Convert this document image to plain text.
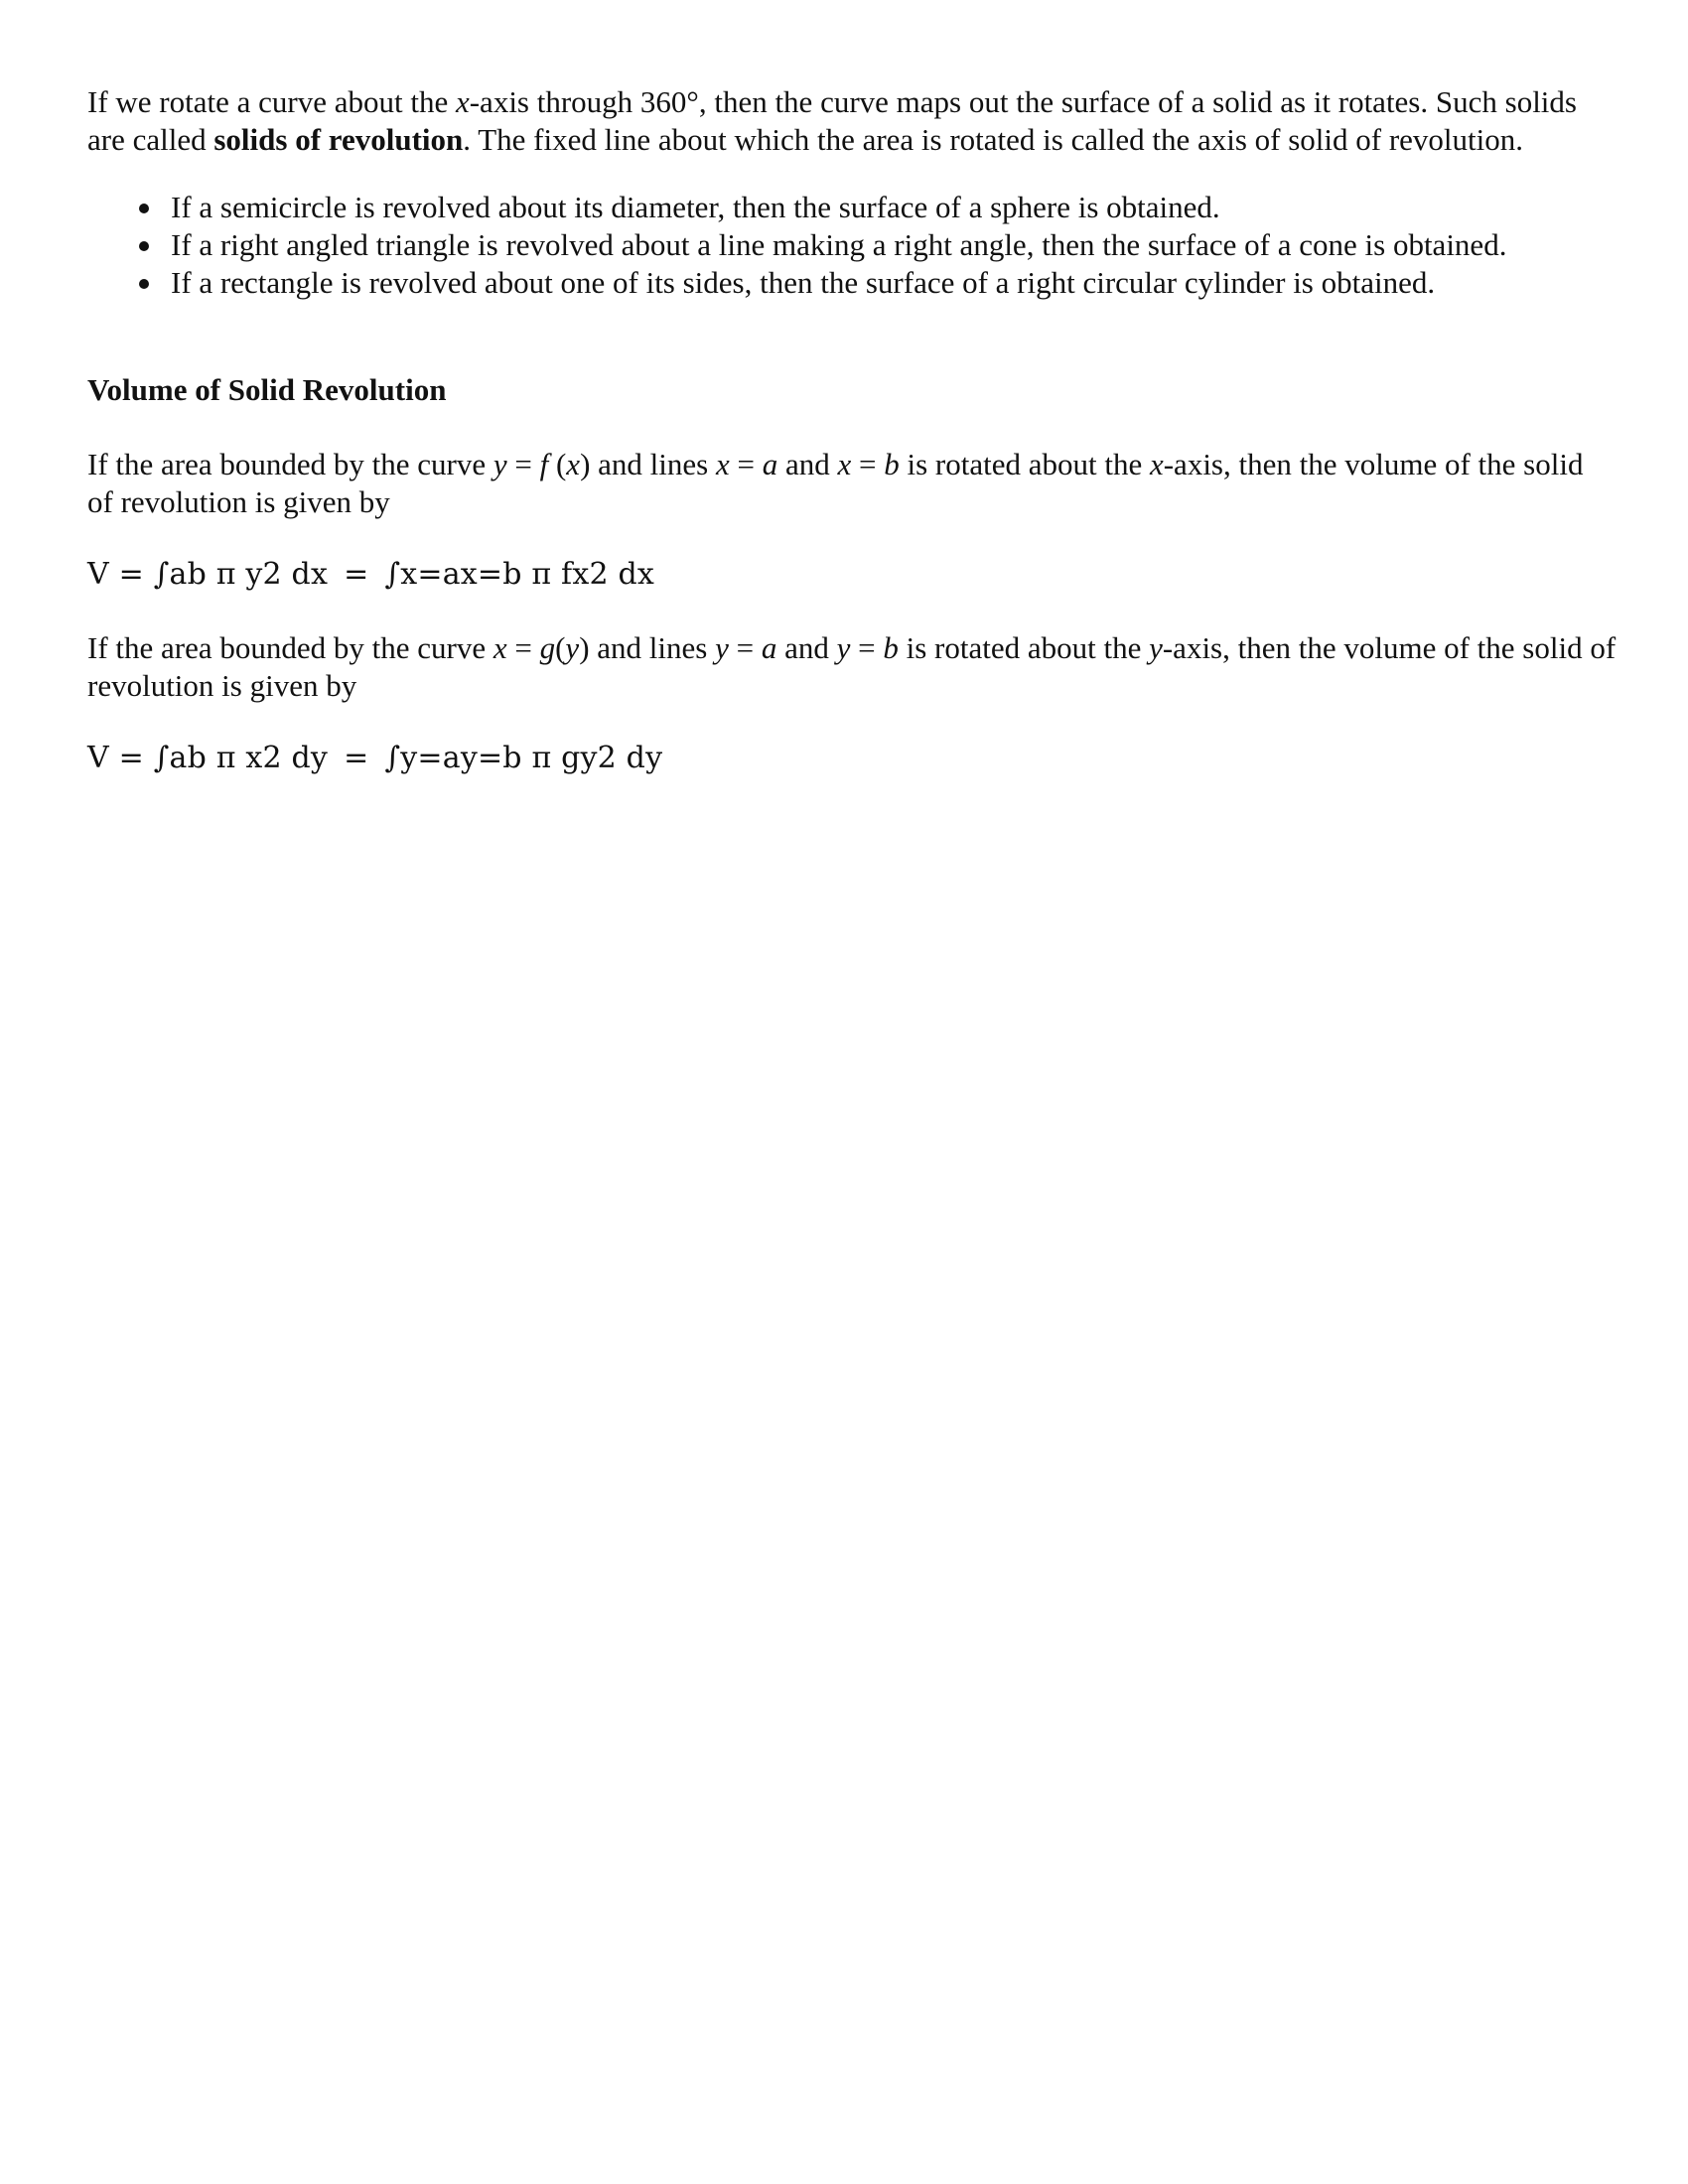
If we rotate a curve about the x-axis through 360°, then the curve maps out the surface of a solid as it rotates. Such solids are called solids of revolution. The fixed line about which the area is rotated is called the axis of solid of revolution.

If a semicircle is revolved about its diameter, then the surface of a sphere is obtained.
If a right angled triangle is revolved about a line making a right angle, then the surface of a cone is obtained.
If a rectangle is revolved about one of its sides, then the surface of a right circular cylinder is obtained.

Volume of Solid Revolution

If the area bounded by the curve y = f (x) and lines x = a and x = b is rotated about the x-axis, then the volume of the solid of revolution is given by

V = ∫ab π y2 dx = ∫x=ax=b π fx2 dx

If the area bounded by the curve x = g(y) and lines y = a and y = b is rotated about the y-axis, then the volume of the solid of revolution is given by

V = ∫ab π x2 dy = ∫y=ay=b π gy2 dy
